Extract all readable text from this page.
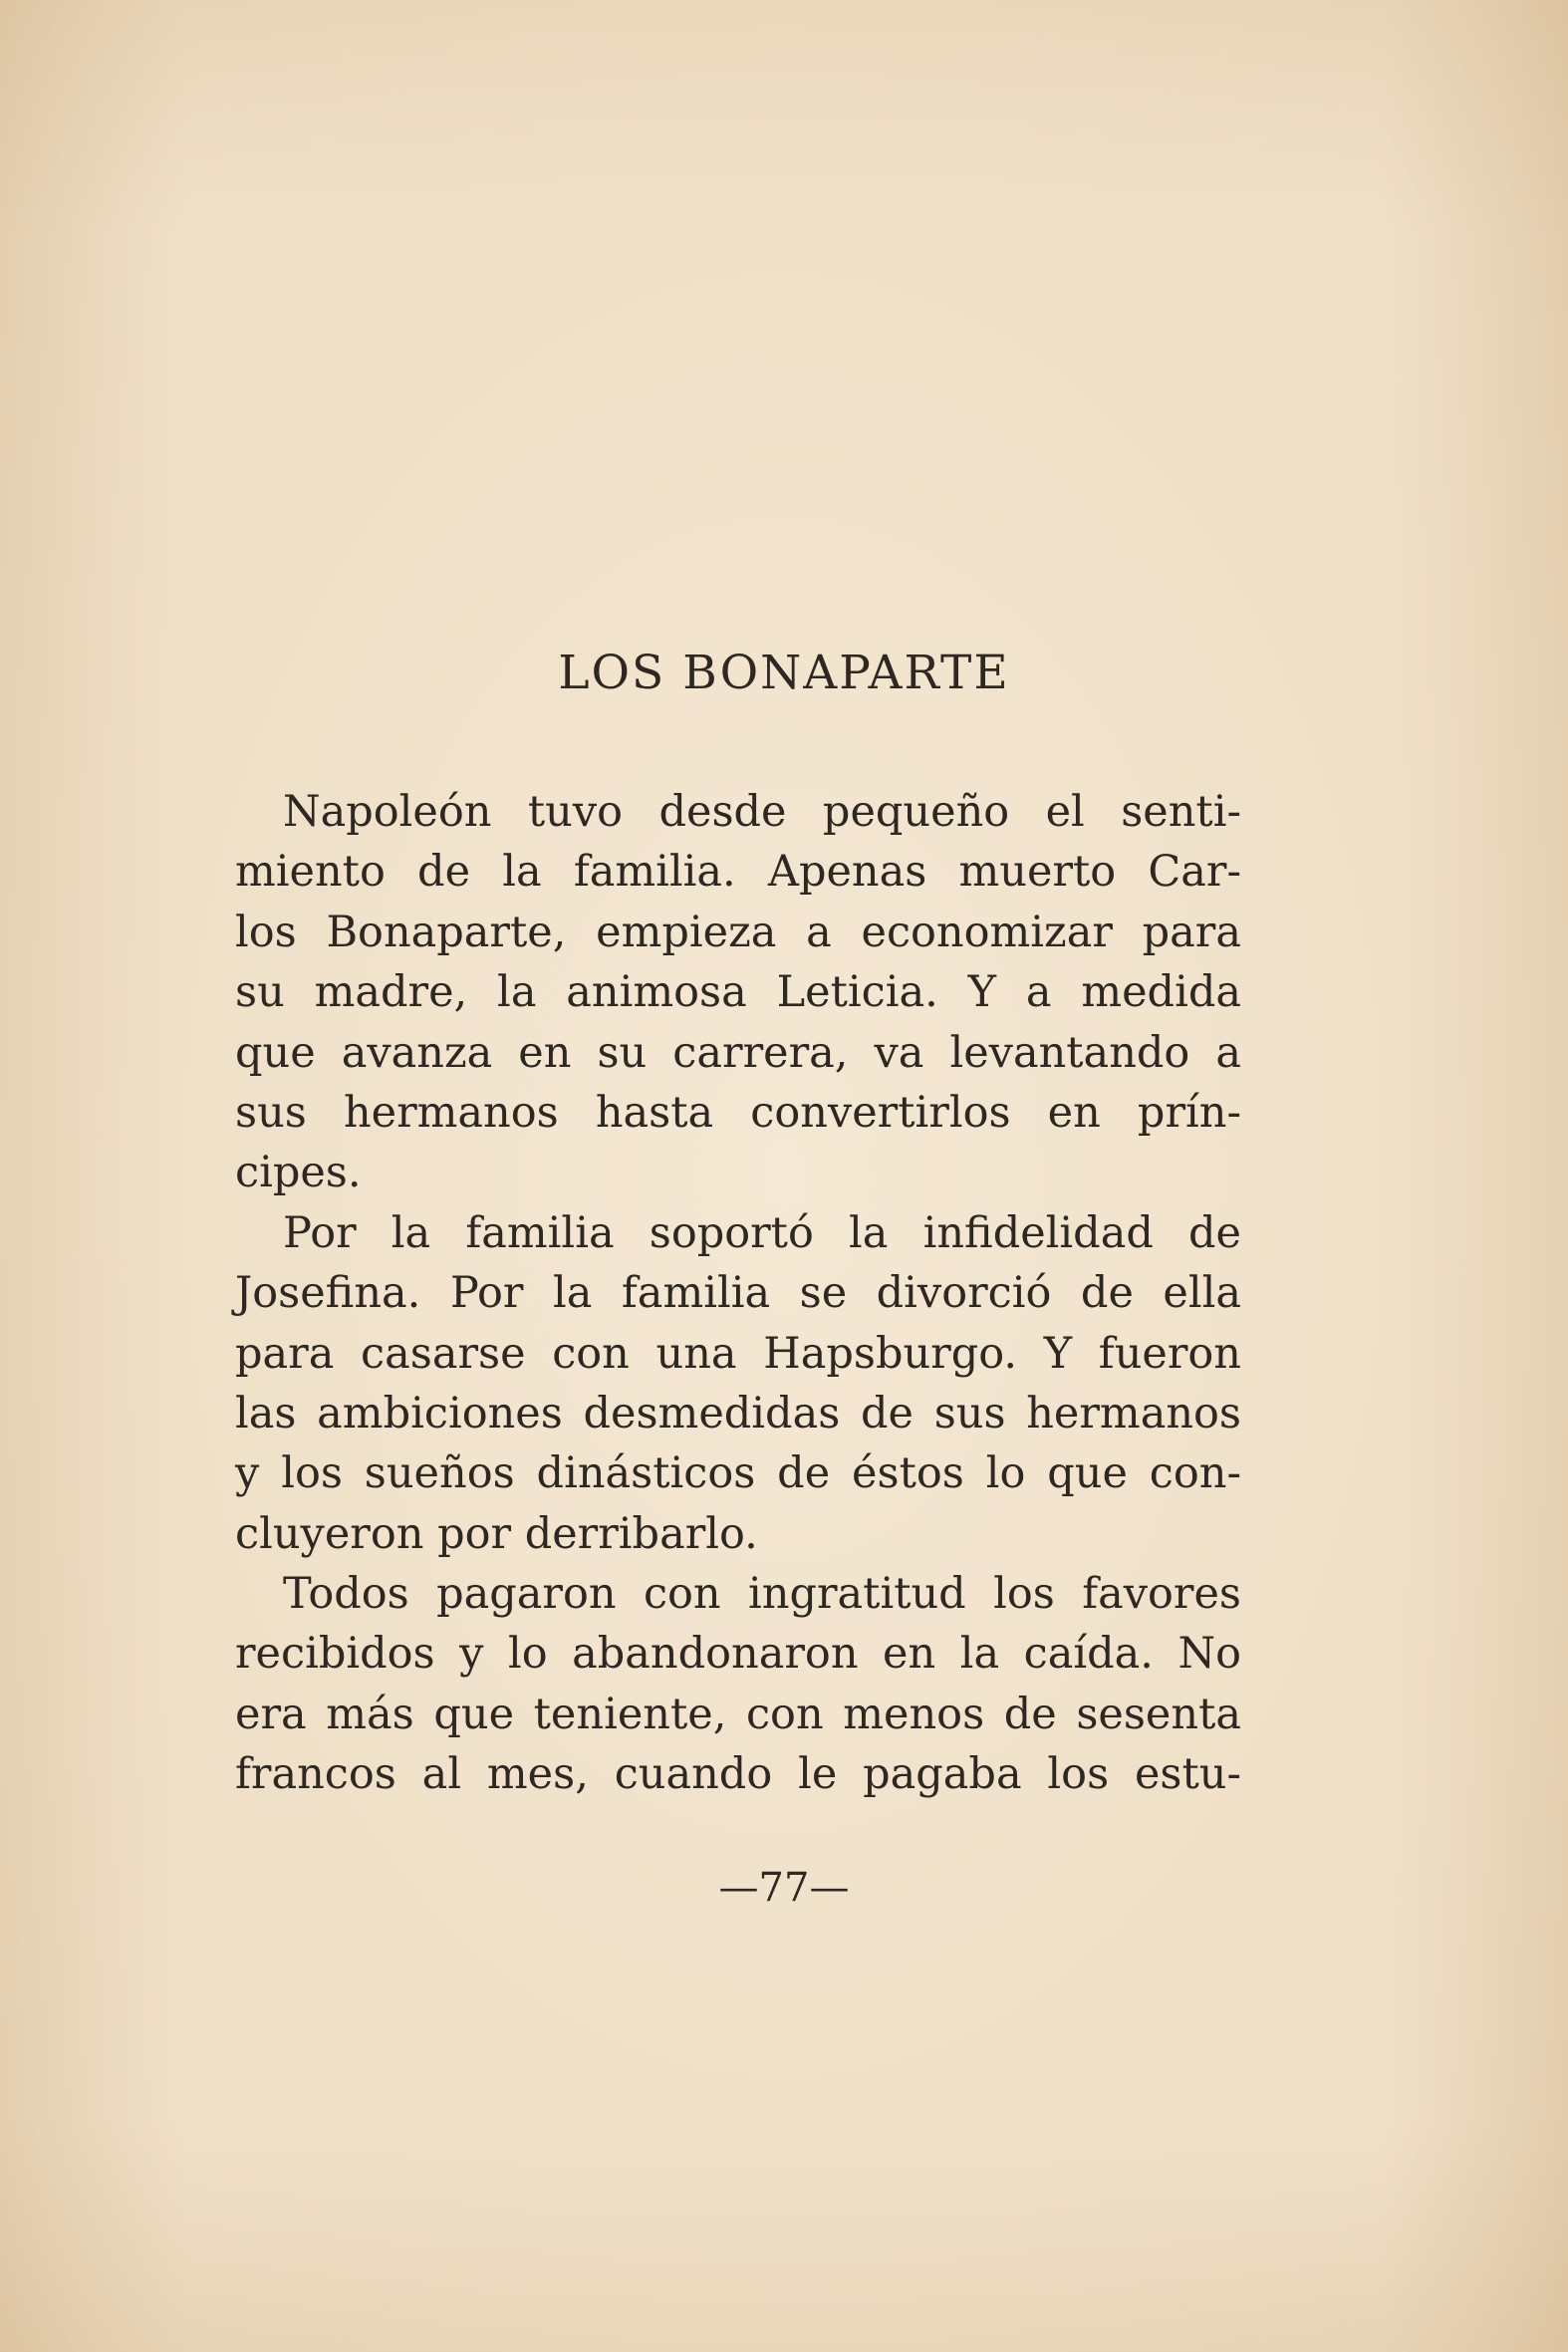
LOS BONAPARTE
Napoleón tuvo desde pequeño el senti-
miento de la familia. Apenas muerto Car-
los Bonaparte, empieza a economizar para
su madre, la animosa Leticia. Y a medida
que avanza en su carrera, va levantando a
sus hermanos hasta convertirlos en prín-
cipes.
Por la familia soportó la infidelidad de
Josefina. Por la familia se divorció de ella
para casarse con una Hapsburgo. Y fueron
las ambiciones desmedidas de sus hermanos
y los sueños dinásticos de éstos lo que con-
cluyeron por derribarlo.
Todos pagaron con ingratitud los favores
recibidos y lo abandonaron en la caída. No
era más que teniente, con menos de sesenta
francos al mes, cuando le pagaba los estu-
—77—
